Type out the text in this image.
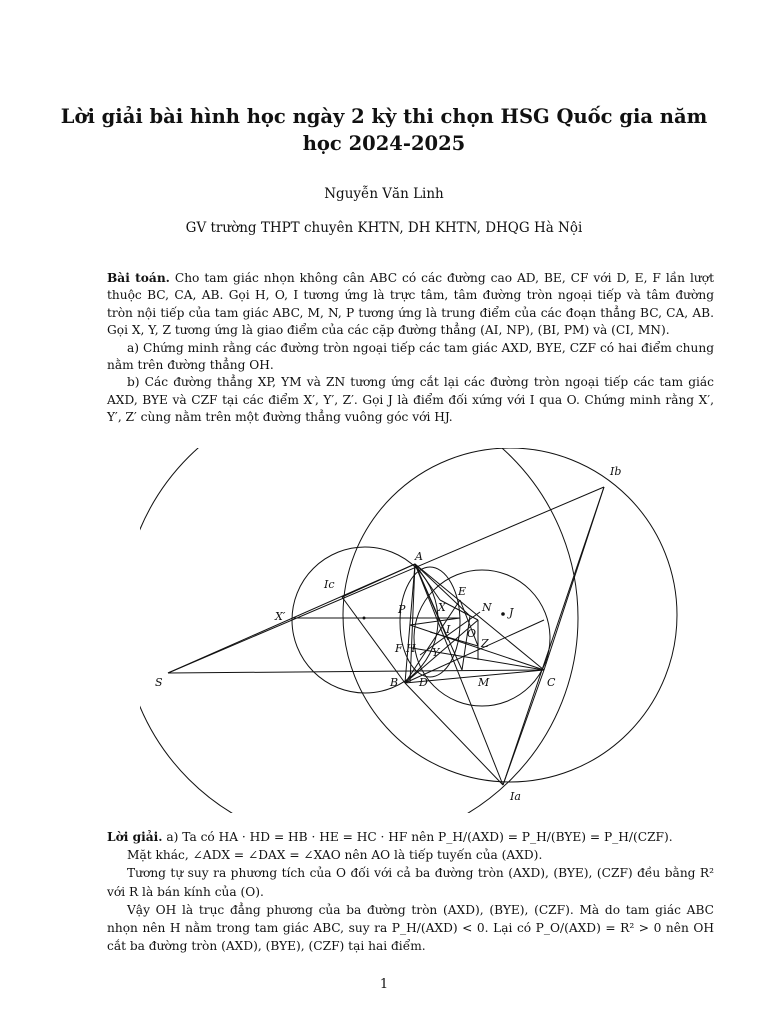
Lời giải bài hình học ngày 2 kỳ thi chọn HSG Quốc gia năm học 2024-2025
Nguyễn Văn Linh
GV trường THPT chuyên KHTN, DH KHTN, DHQG Hà Nội

Bài toán. Cho tam giác nhọn không cân ABC có các đường cao AD, BE, CF với D, E, F lần lượt thuộc BC, CA, AB. Gọi H, O, I tương ứng là trực tâm, tâm đường tròn ngoại tiếp và tâm đường tròn nội tiếp của tam giác ABC, M, N, P tương ứng là trung điểm của các đoạn thẳng BC, CA, AB. Gọi X, Y, Z tương ứng là giao điểm của các cặp đường thẳng (AI, NP), (BI, PM) và (CI, MN).

a) Chứng minh rằng các đường tròn ngoại tiếp các tam giác AXD, BYE, CZF có hai điểm chung nằm trên đường thẳng OH.

b) Các đường thẳng XP, YM và ZN tương ứng cắt lại các đường tròn ngoại tiếp các tam giác AXD, BYE và CZF tại các điểm X′, Y′, Z′. Gọi J là điểm đối xứng với I qua O. Chứng minh rằng X′, Y′, Z′ cùng nằm trên một đường thẳng vuông góc với HJ.

Ib
A
Ic
E
X	N J
X′
P
I O
F H	Z
Y
S	B D	M	C
Ia

Lời giải. a) Ta có HA · HD = HB · HE = HC · HF nên P_H/(AXD) = P_H/(BYE) = P_H/(CZF).

Mặt khác, ∠ADX = ∠DAX = ∠XAO nên AO là tiếp tuyến của (AXD).

Tương tự suy ra phương tích của O đối với cả ba đường tròn (AXD), (BYE), (CZF) đều bằng R² với R là bán kính của (O).

Vậy OH là trục đẳng phương của ba đường tròn (AXD), (BYE), (CZF). Mà do tam giác ABC nhọn nên H nằm trong tam giác ABC, suy ra P_H/(AXD) < 0. Lại có P_O/(AXD) = R² > 0 nên OH cắt ba đường tròn (AXD), (BYE), (CZF) tại hai điểm.

1
